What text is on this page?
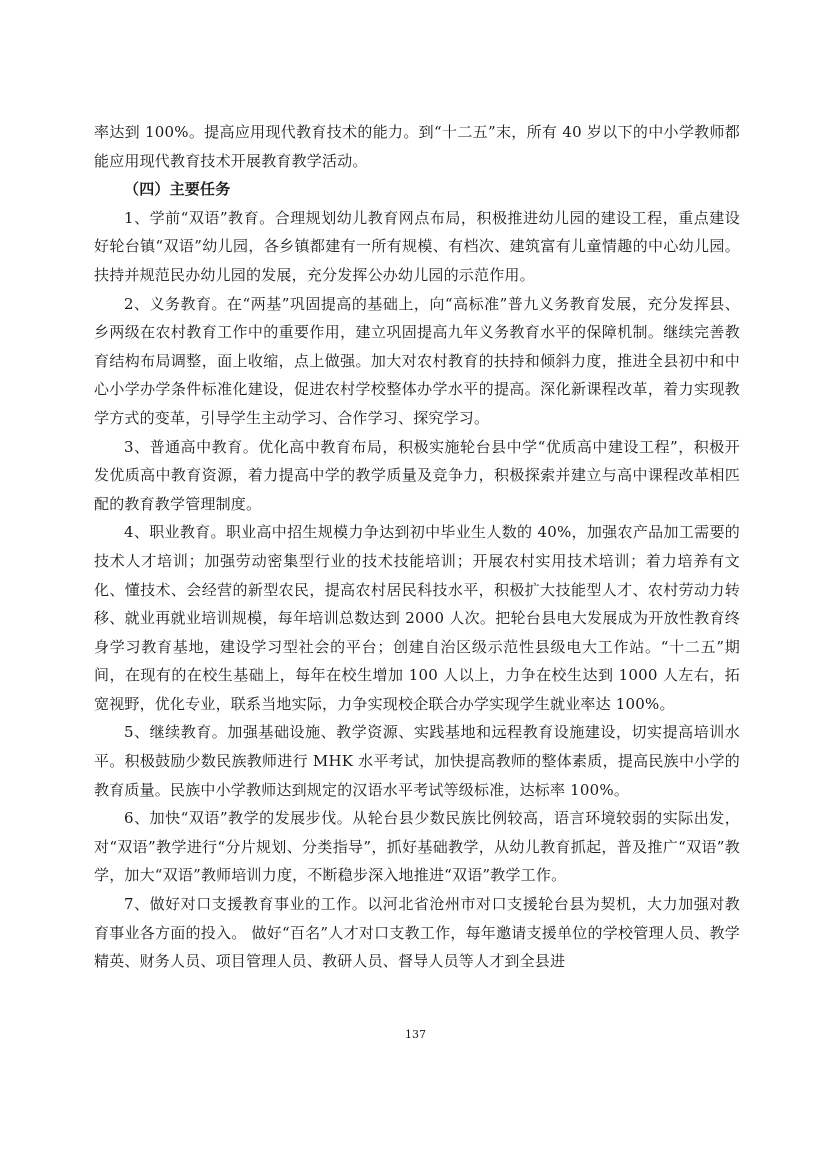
率达到 100%。提高应用现代教育技术的能力。到“十二五”末，所有 40 岁以下的中小学教师都能应用现代教育技术开展教育教学活动。

（四）主要任务

1、学前“双语”教育。合理规划幼儿教育网点布局，积极推进幼儿园的建设工程，重点建设好轮台镇“双语”幼儿园，各乡镇都建有一所有规模、有档次、建筑富有儿童情趣的中心幼儿园。扶持并规范民办幼儿园的发展，充分发挥公办幼儿园的示范作用。

2、义务教育。在“两基”巩固提高的基础上，向“高标准”普九义务教育发展，充分发挥县、乡两级在农村教育工作中的重要作用，建立巩固提高九年义务教育水平的保障机制。继续完善教育结构布局调整，面上收缩，点上做强。加大对农村教育的扶持和倾斜力度，推进全县初中和中心小学办学条件标准化建设，促进农村学校整体办学水平的提高。深化新课程改革，着力实现教学方式的变革，引导学生主动学习、合作学习、探究学习。

3、普通高中教育。优化高中教育布局，积极实施轮台县中学“优质高中建设工程”，积极开发优质高中教育资源，着力提高中学的教学质量及竞争力，积极探索并建立与高中课程改革相匹配的教育教学管理制度。

4、职业教育。职业高中招生规模力争达到初中毕业生人数的 40%，加强农产品加工需要的技术人才培训；加强劳动密集型行业的技术技能培训；开展农村实用技术培训；着力培养有文化、懂技术、会经营的新型农民，提高农村居民科技水平，积极扩大技能型人才、农村劳动力转移、就业再就业培训规模，每年培训总数达到 2000 人次。把轮台县电大发展成为开放性教育终身学习教育基地，建设学习型社会的平台；创建自治区级示范性县级电大工作站。“十二五”期间，在现有的在校生基础上，每年在校生增加 100 人以上，力争在校生达到 1000 人左右，拓宽视野，优化专业，联系当地实际，力争实现校企联合办学实现学生就业率达 100%。

5、继续教育。加强基础设施、教学资源、实践基地和远程教育设施建设，切实提高培训水平。积极鼓励少数民族教师进行 MHK 水平考试，加快提高教师的整体素质，提高民族中小学的教育质量。民族中小学教师达到规定的汉语水平考试等级标准，达标率 100%。

6、加快“双语”教学的发展步伐。从轮台县少数民族比例较高，语言环境较弱的实际出发，对“双语”教学进行“分片规划、分类指导”，抓好基础教学，从幼儿教育抓起，普及推广“双语”教学，加大“双语”教师培训力度，不断稳步深入地推进“双语”教学工作。

7、做好对口支援教育事业的工作。以河北省沧州市对口支援轮台县为契机，大力加强对教育事业各方面的投入。 做好“百名”人才对口支教工作，每年邀请支援单位的学校管理人员、教学精英、财务人员、项目管理人员、教研人员、督导人员等人才到全县进

137
